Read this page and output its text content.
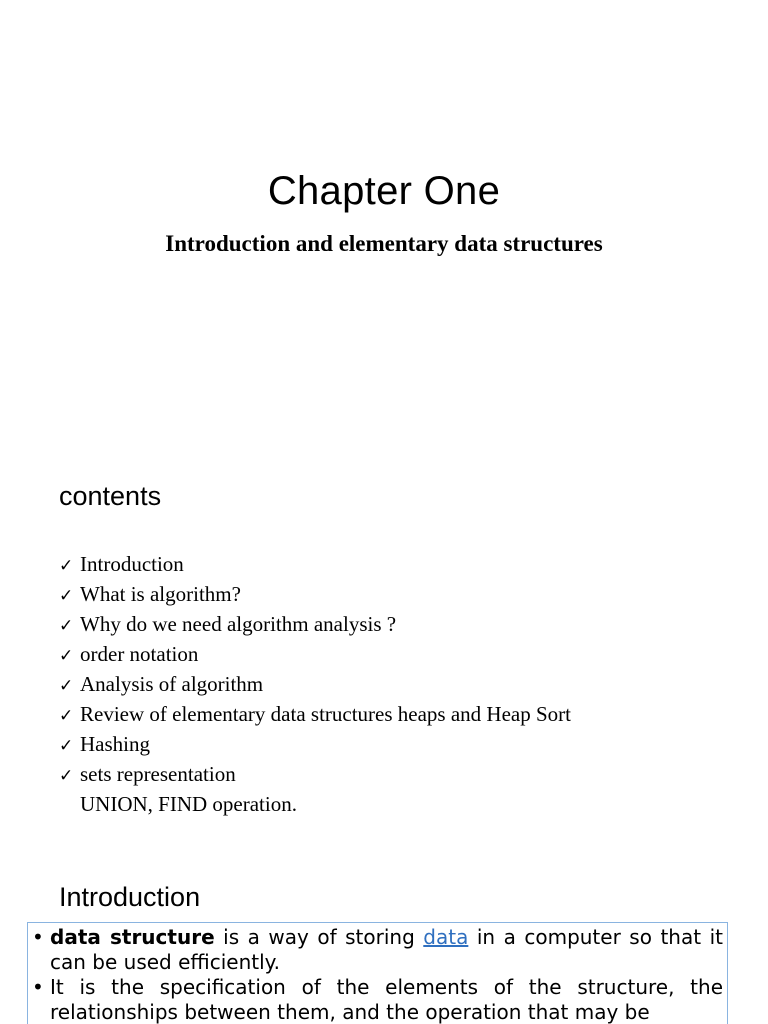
Chapter One
Introduction and elementary data structures
contents
✓ Introduction
✓ What is algorithm?
✓ Why do we need algorithm analysis ?
✓ order notation
✓ Analysis of algorithm
✓ Review of elementary data structures heaps and Heap Sort
✓ Hashing
✓ sets representation
UNION, FIND operation.
Introduction
• data structure is a way of storing data in a computer so that it can be used efficiently.
• It is the specification of the elements of the structure, the relationships between them, and the operation that may be
